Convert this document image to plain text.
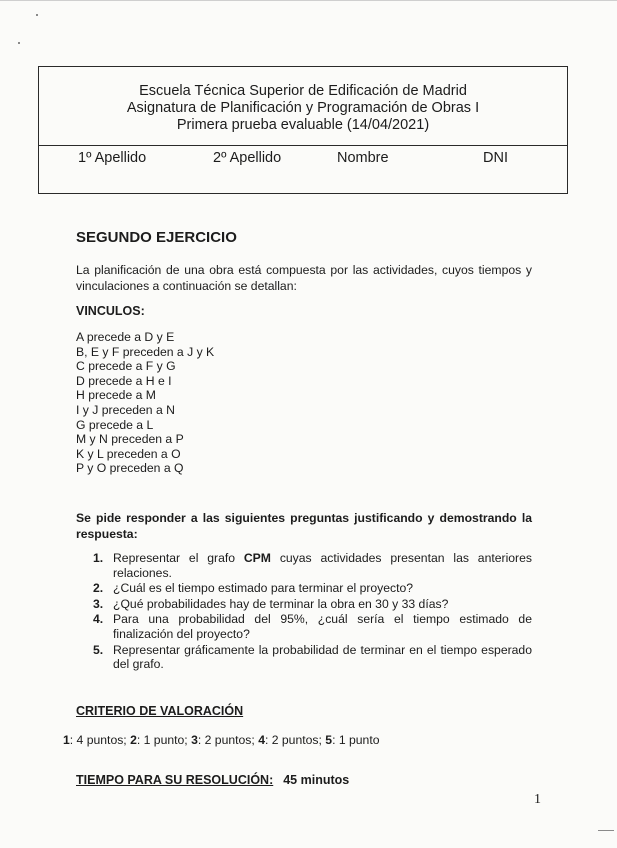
Escuela Técnica Superior de Edificación de Madrid
Asignatura de Planificación y Programación de Obras I
Primera prueba evaluable (14/04/2021)
1º Apellido	2º Apellido	Nombre	DNI
SEGUNDO EJERCICIO
La planificación de una obra está compuesta por las actividades, cuyos tiempos y vinculaciones a continuación se detallan:
VINCULOS:
A precede a D y E
B, E y F preceden a J y K
C precede a F y G
D precede a H e I
H precede a M
I y J preceden a N
G precede a L
M y N preceden a P
K y L preceden a O
P y O preceden a Q
Se pide responder a las siguientes preguntas justificando y demostrando la respuesta:
1. Representar el grafo CPM cuyas actividades presentan las anteriores relaciones.
2. ¿Cuál es el tiempo estimado para terminar el proyecto?
3. ¿Qué probabilidades hay de terminar la obra en 30 y 33 días?
4. Para una probabilidad del 95%, ¿cuál sería el tiempo estimado de finalización del proyecto?
5. Representar gráficamente la probabilidad de terminar en el tiempo esperado del grafo.
CRITERIO DE VALORACIÓN
1: 4 puntos; 2: 1 punto; 3: 2 puntos; 4: 2 puntos; 5: 1 punto
TIEMPO PARA SU RESOLUCIÓN: 45 minutos
1
